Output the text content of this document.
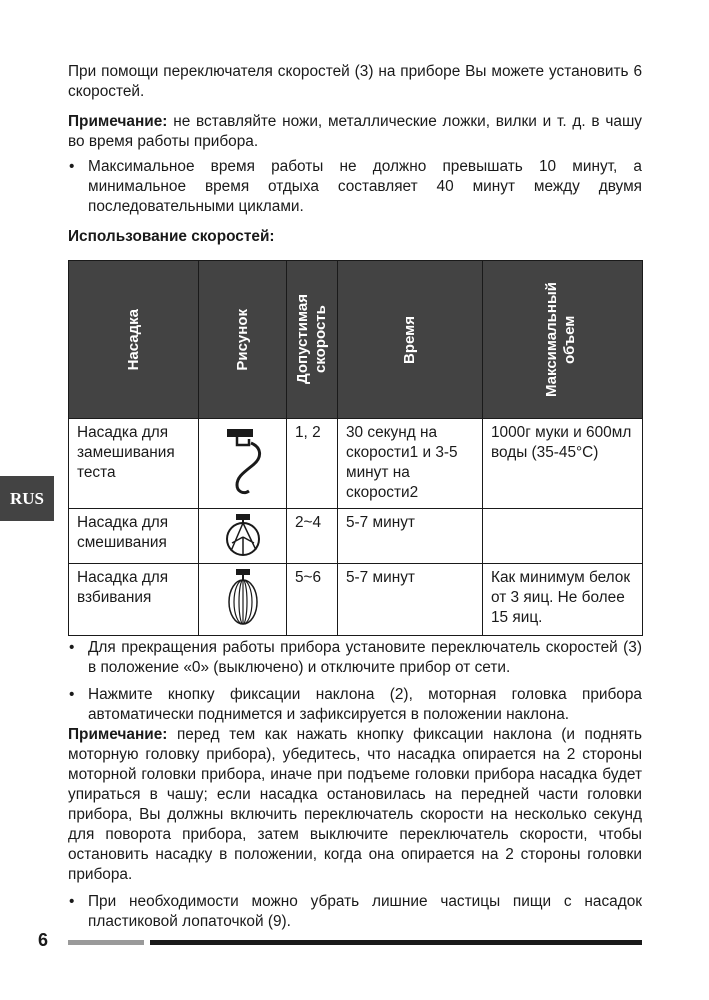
RUS

При помощи переключателя скоростей (3) на приборе Вы можете установить 6 скоростей.

Примечание: не вставляйте ножи, металлические ложки, вилки и т. д. в чашу во время работы прибора.

• Максимальное время работы не должно превышать 10 минут, а минимальное время отдыха составляет 40 минут между двумя последовательными циклами.
Использование скоростей:
Насадка	Рисунок	Допустимая скорость	Время	Максимальный объем

Насадка для замешивания теста		1, 2	30 секунд на скорости1 и 3-5 минут на скорости2	1000г муки и 600мл воды (35-45°C)
Насадка для смешивания		2~4	5-7 минут	
Насадка для взбивания		5~6	5-7 минут	Как минимум белок от 3 яиц. Не более 15 яиц.
• Для прекращения работы прибора установите переключатель скоростей (3) в положение «0» (выключено) и отключите прибор от сети.
• Нажмите кнопку фиксации наклона (2), моторная головка прибора автоматически поднимется и зафиксируется в положении наклона.

Примечание: перед тем как нажать кнопку фиксации наклона (и поднять моторную головку прибора), убедитесь, что насадка опирается на 2 стороны моторной головки прибора, иначе при подъеме головки прибора насадка будет упираться в чашу; если насадка остановилась на передней части головки прибора, Вы должны включить переключатель скорости на несколько секунд для поворота прибора, затем выключите переключатель скорости, чтобы остановить насадку в положении, когда она опирается на 2 стороны головки прибора.

• При необходимости можно убрать лишние частицы пищи с насадок пластиковой лопаточкой (9).
6
